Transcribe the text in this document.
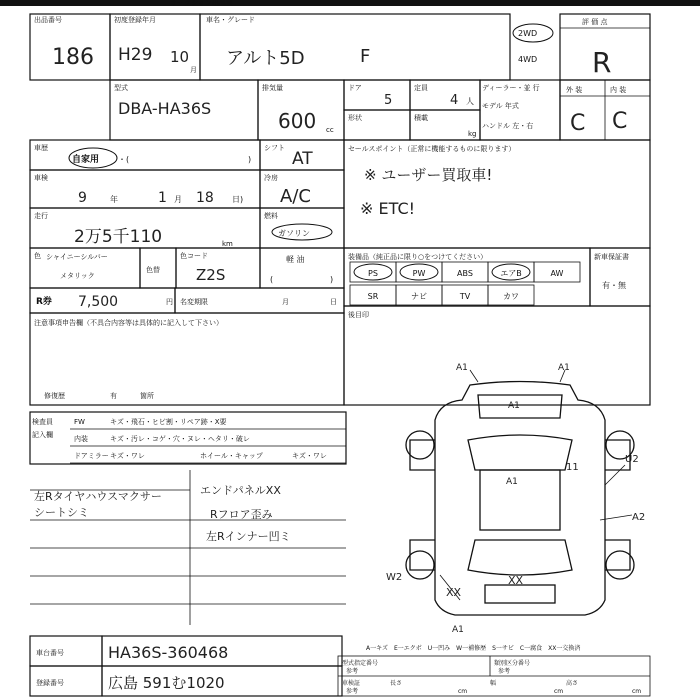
オークション出品票
出品番号
186
初度登録年月
H29 10
月
車名・グレード
アルト5D	F
2WD
4WD
評 価 点
R
型式
DBA-HA36S
排気量
600 cc
ドア
5
定員
4 人
ディーラー・並 行
モデル 年式
ハンドル 左・右
形状	積載
kg
外 装	内 装
C C
車歴
自家用 ・(	)
シフト
AT
車検
9	年	1 月 18 日)
冷房
A/C
走行
2万5千110	km
燃料
ガソリン
色 シャイニーシルバー
メタリック
色替
色コード
Z2S
軽 油
(	)
R券 7,500	円 名変期限	月	日
注意事項申告欄（不具合内容等は具体的に記入して下さい）
修復歴	有	箇所
セールスポイント（正常に機能するものに限ります）
※ ユーザー買取車!
※ ETC!
装備品（純正品に限り○をつけてください）	新車保証書
有・無
PS	PW	ABS	エアB	AW
SR	ナビ	TV	カワ
後目印
検査員
記入欄
FW	キズ・飛石・ヒビ割・リペア跡・X要
内装	キズ・汚レ・コゲ・穴・ヌレ・ヘタリ・破レ
ドアミラー キズ・ワレ	ホイール・キャップ	キズ・ワレ
左Rタイヤハウスマクサー
シートシミ
エンドパネルXX
Rフロア歪み
左Rインナー凹ミ
A1	A1
A1
A1
U2
A2
W2
XX
XX
A1
11
車台番号	HA36S-360468
登録番号	広島 591む1020
A一キズ　E一エクボ　U一凹み　W一補修歴　S一サビ　C一腐食　XX一交換済
型式指定番号
参考
類別区分番号
参考
車検証
参考
長さ
cm
幅
cm
高さ
cm
